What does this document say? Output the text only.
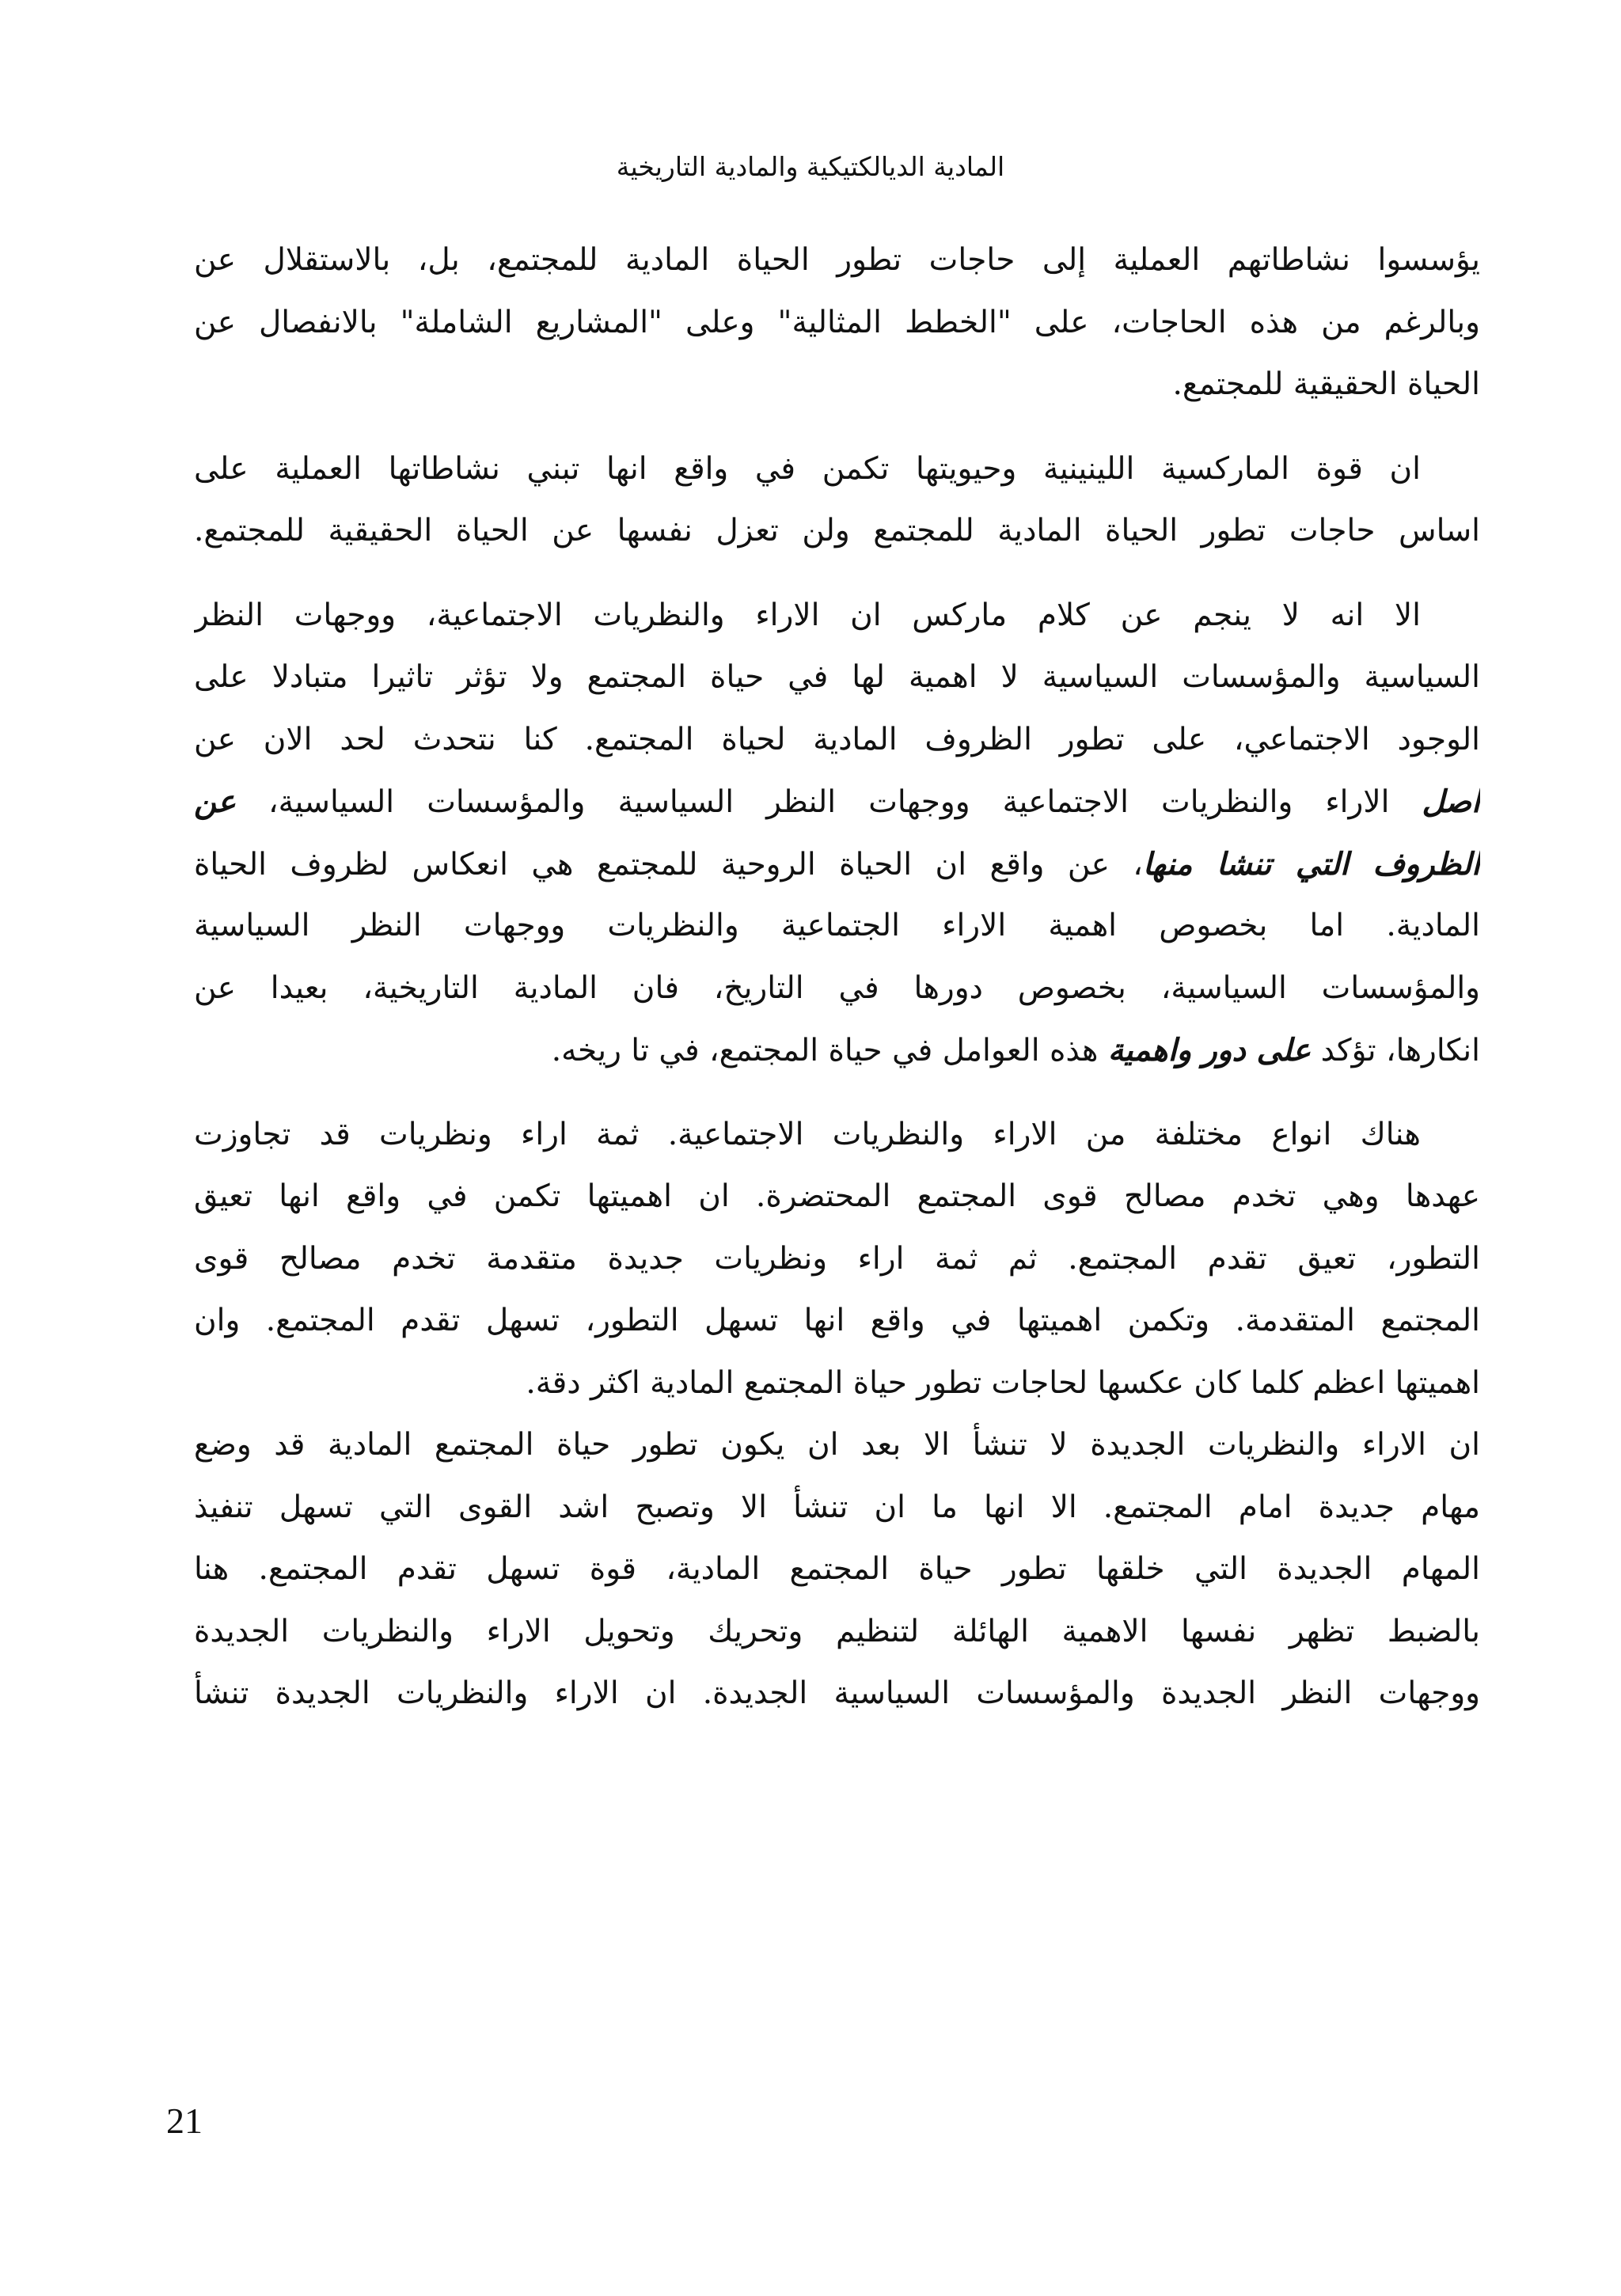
المادية الديالكتيكية والمادية التاريخية
يؤسسوا نشاطاتهم العملية إلى حاجات تطور الحياة المادية للمجتمع، بل، بالاستقلال عن
وبالرغم من هذه الحاجات، على "الخطط المثالية" وعلى "المشاريع الشاملة" بالانفصال عن
الحياة الحقيقية للمجتمع.
ان قوة الماركسية اللينينية وحيويتها تكمن في واقع انها تبني نشاطاتها العملية على
اساس حاجات تطور الحياة المادية للمجتمع ولن تعزل نفسها عن الحياة الحقيقية للمجتمع.
الا انه لا ينجم عن كلام ماركس ان الاراء والنظريات الاجتماعية، ووجهات النظر
السياسية والمؤسسات السياسية لا اهمية لها في حياة المجتمع ولا تؤثر تاثيرا متبادلا على
الوجود الاجتماعي، على تطور الظروف المادية لحياة المجتمع. كنا نتحدث لحد الان عن
اصل الاراء والنظريات الاجتماعية ووجهات النظر السياسية والمؤسسات السياسية، عن
الظروف التي تنشا منها، عن واقع ان الحياة الروحية للمجتمع هي انعكاس لظروف الحياة
المادية. اما بخصوص اهمية الاراء الجتماعية والنظريات ووجهات النظر السياسية
والمؤسسات السياسية، بخصوص دورها في التاريخ، فان المادية التاريخية، بعيدا عن
انكارها، تؤكد على دور واهمية هذه العوامل في حياة المجتمع، في تا ريخه.
هناك انواع مختلفة من الاراء والنظريات الاجتماعية. ثمة اراء ونظريات قد تجاوزت
عهدها وهي تخدم مصالح قوى المجتمع المحتضرة. ان اهميتها تكمن في واقع انها تعيق
التطور، تعيق تقدم المجتمع. ثم ثمة اراء ونظريات جديدة متقدمة تخدم مصالح قوى
المجتمع المتقدمة. وتكمن اهميتها في واقع انها تسهل التطور، تسهل تقدم المجتمع. وان
اهميتها اعظم كلما كان عكسها لحاجات تطور حياة المجتمع المادية اكثر دقة.
ان الاراء والنظريات الجديدة لا تنشأ الا بعد ان يكون تطور حياة المجتمع المادية قد وضع
مهام جديدة امام المجتمع. الا انها ما ان تنشأ الا وتصبح اشد القوى التي تسهل تنفيذ
المهام الجديدة التي خلقها تطور حياة المجتمع المادية، قوة تسهل تقدم المجتمع. هنا
بالضبط تظهر نفسها الاهمية الهائلة لتنظيم وتحريك وتحويل الاراء والنظريات الجديدة
ووجهات النظر الجديدة والمؤسسات السياسية الجديدة. ان الاراء والنظريات الجديدة تنشأ
21
